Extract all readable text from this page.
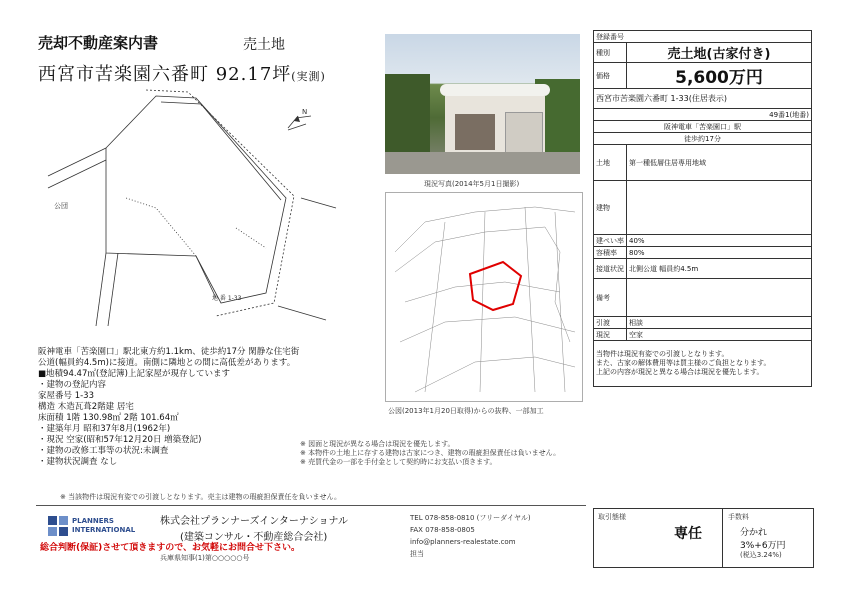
売却不動産案内書	売土地
西宮市苦楽園六番町 92.17坪(実測)
N
公団
地 番 1-33
現況写真(2014年5月1日撮影)
公図(2013年1月20日取得)からの抜粋、一部加工
阪神電車「苦楽園口」駅北東方約1.1km、徒歩約17分 閑静な住宅街
公道(幅員約4.5m)に接道。南側に隣地との間に高低差があります。
■地積94.47㎡(登記簿)上記家屋が現存しています
・建物の登記内容
家屋番号 1-33
構造 木造瓦葺2階建 居宅
床面積 1階 130.98㎡ 2階 101.64㎡
・建築年月 昭和37年8月(1962年)
・現況 空家(昭和57年12月20日 増築登記)
・建物の改修工事等の状況:未調査
・建物状況調査 なし
※ 当該物件は現況有姿での引渡しとなります。売主は建物の瑕疵担保責任を負いません。
※ 図面と現況が異なる場合は現況を優先します。
※ 本物件の土地上に存する建物は古家につき、建物の瑕疵担保責任は負いません。
※ 売買代金の一部を手付金として契約時にお支払い頂きます。
登録番号	
種別	売土地(古家付き)
価格	5,600万円
西宮市苦楽園六番町 1-33(住居表示)	
49番1(地番)	
阪神電車「苦楽園口」駅	
徒歩約17分	
土地	第一種低層住居専用地域
建物	
建ぺい率	40%
容積率	80%
接道状況	北側公道 幅員約4.5m
備考	
引渡	相談
現況	空家

当物件は現況有姿での引渡しとなります。
また、古家の解体費用等は買主様のご負担となります。
上記の内容が現況と異なる場合は現況を優先します。	
PLANNERS
INTERNATIONAL
株式会社プランナーズインターナショナル
(建築コンサル・不動産総合会社)
総合判断(保証)させて頂きますので、お気軽にお問合せ下さい。
兵庫県知事(1)第○○○○○号
TEL 078-858-0810 (フリーダイヤル)
FAX 078-858-0805
info@planners-realestate.com
担当
取引態様
専任
手数料
分かれ
3%+6万円
(税込3.24%)
